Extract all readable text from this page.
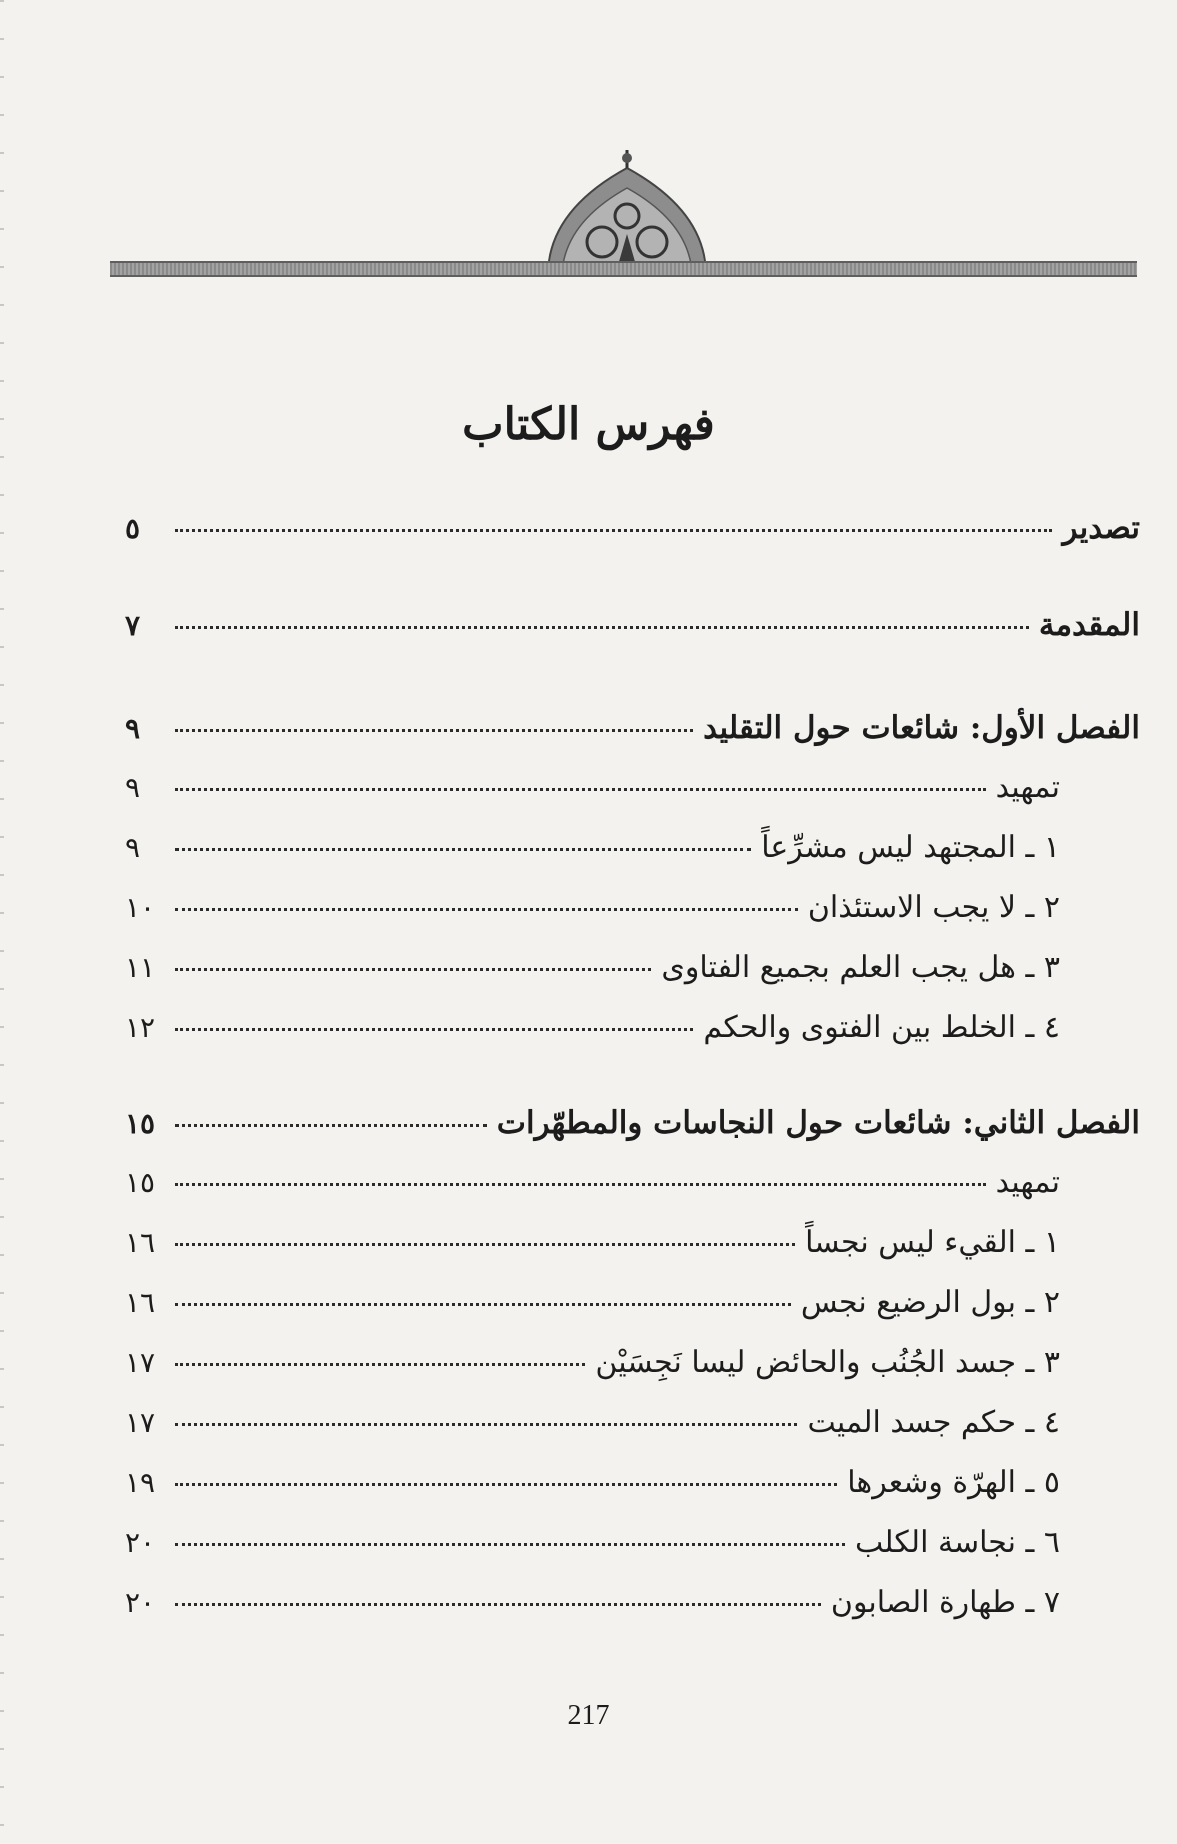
فهرس الكتاب
تصدير
٥
المقدمة
٧
الفصل الأول: شائعات حول التقليد
٩
تمهيد
٩
١ ـ المجتهد ليس مشرِّعاً
٩
٢ ـ لا يجب الاستئذان
١٠
٣ ـ هل يجب العلم بجميع الفتاوى
١١
٤ ـ الخلط بين الفتوى والحكم
١٢
الفصل الثاني: شائعات حول النجاسات والمطهّرات
١٥
تمهيد
١٥
١ ـ القيء ليس نجساً
١٦
٢ ـ بول الرضيع نجس
١٦
٣ ـ جسد الجُنُب والحائض ليسا نَجِسَيْن
١٧
٤ ـ حكم جسد الميت
١٧
٥ ـ الهرّة وشعرها
١٩
٦ ـ نجاسة الكلب
٢٠
٧ ـ طهارة الصابون
٢٠
217
